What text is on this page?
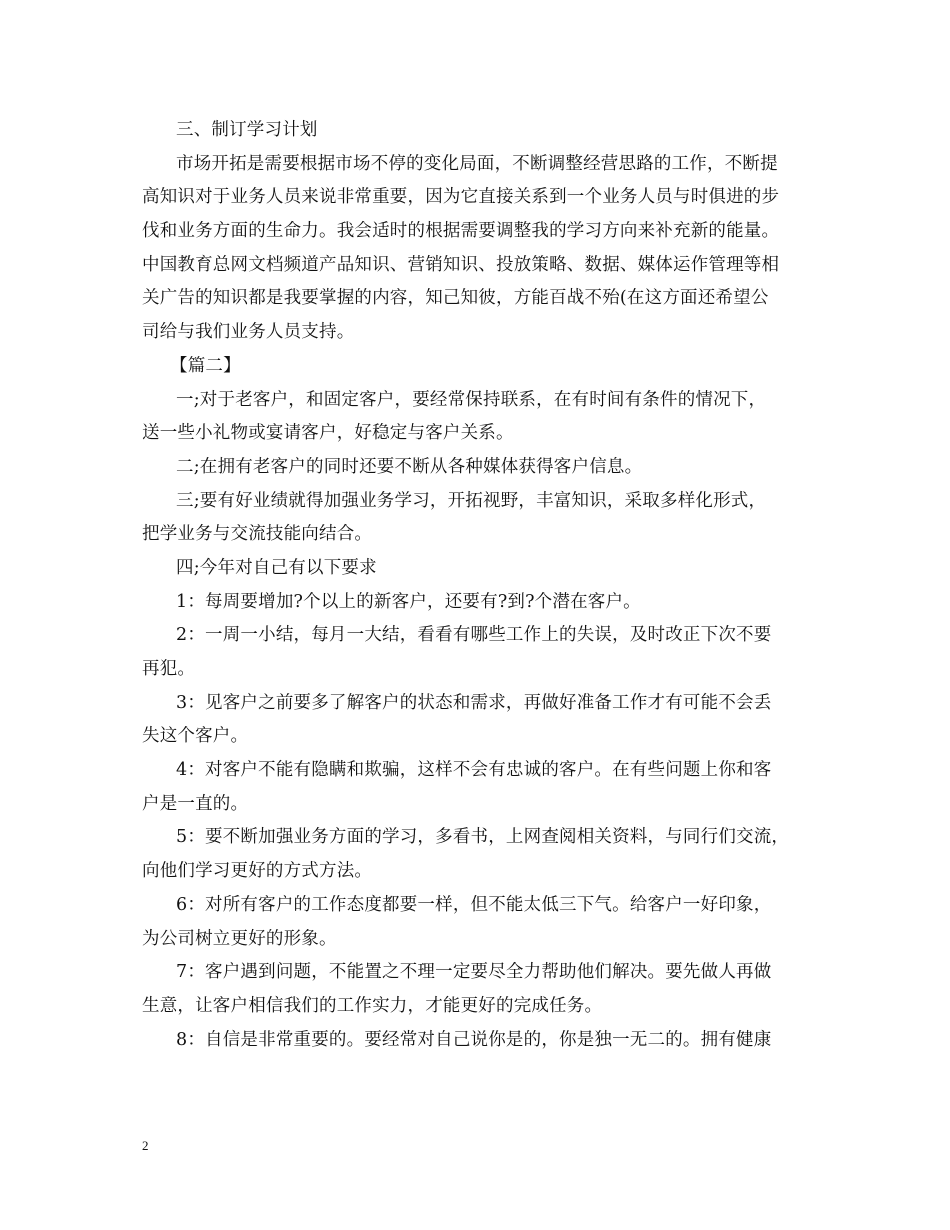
三、制订学习计划
市场开拓是需要根据市场不停的变化局面，不断调整经营思路的工作，不断提
高知识对于业务人员来说非常重要，因为它直接关系到一个业务人员与时俱进的步
伐和业务方面的生命力。我会适时的根据需要调整我的学习方向来补充新的能量。
中国教育总网文档频道产品知识、营销知识、投放策略、数据、媒体运作管理等相
关广告的知识都是我要掌握的内容，知己知彼，方能百战不殆(在这方面还希望公
司给与我们业务人员支持。
【篇二】
一;对于老客户，和固定客户，要经常保持联系，在有时间有条件的情况下，
送一些小礼物或宴请客户，好稳定与客户关系。
二;在拥有老客户的同时还要不断从各种媒体获得客户信息。
三;要有好业绩就得加强业务学习，开拓视野，丰富知识，采取多样化形式，
把学业务与交流技能向结合。
四;今年对自己有以下要求
1：每周要增加?个以上的新客户，还要有?到?个潜在客户。
2：一周一小结，每月一大结，看看有哪些工作上的失误，及时改正下次不要
再犯。
3：见客户之前要多了解客户的状态和需求，再做好准备工作才有可能不会丢
失这个客户。
4：对客户不能有隐瞒和欺骗，这样不会有忠诚的客户。在有些问题上你和客
户是一直的。
5：要不断加强业务方面的学习，多看书，上网查阅相关资料，与同行们交流，
向他们学习更好的方式方法。
6：对所有客户的工作态度都要一样，但不能太低三下气。给客户一好印象，
为公司树立更好的形象。
7：客户遇到问题，不能置之不理一定要尽全力帮助他们解决。要先做人再做
生意，让客户相信我们的工作实力，才能更好的完成任务。
8：自信是非常重要的。要经常对自己说你是的，你是独一无二的。拥有健康
2
